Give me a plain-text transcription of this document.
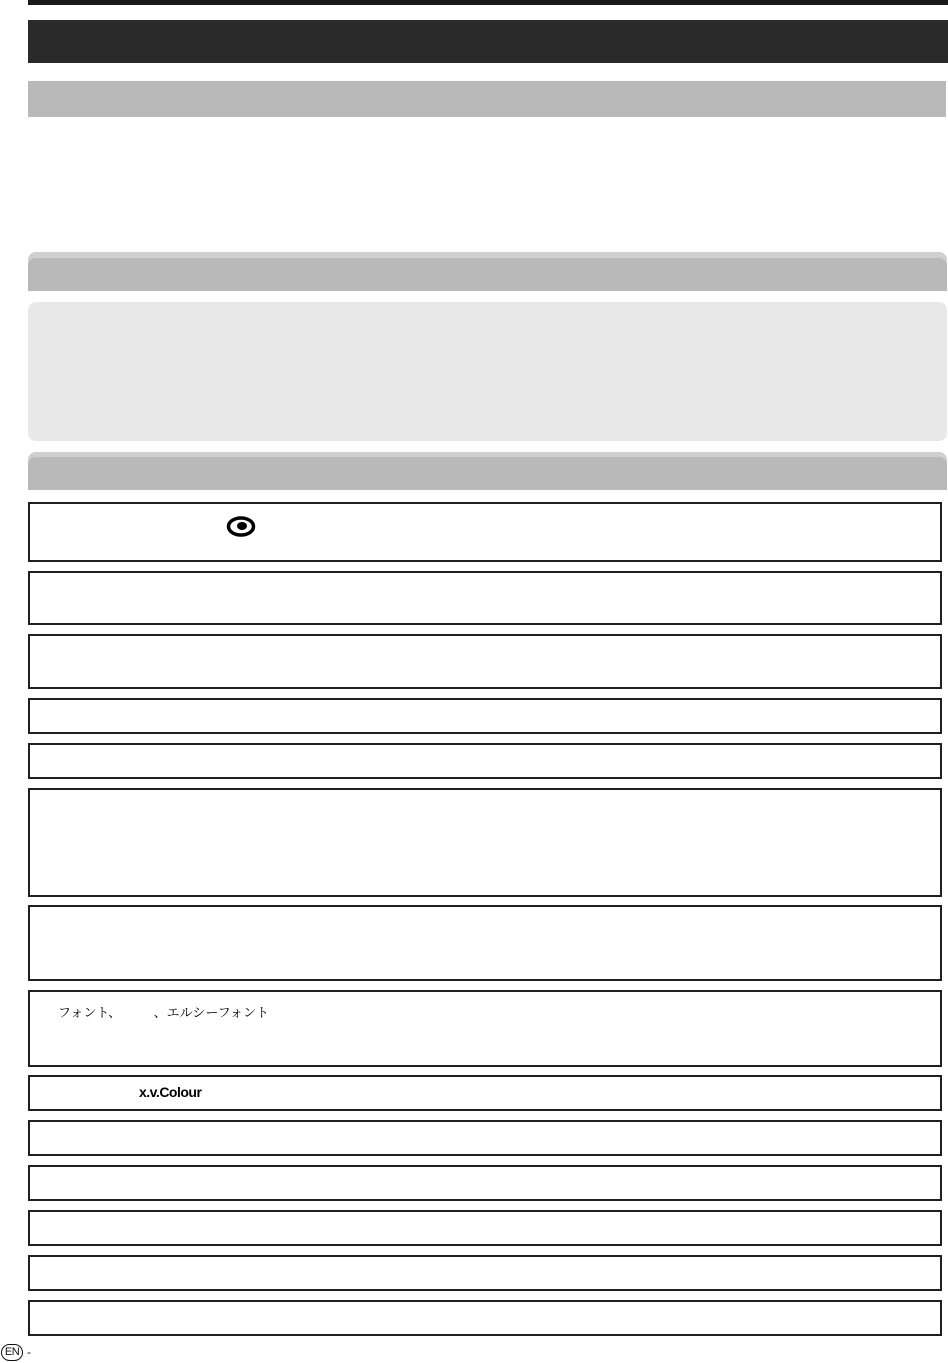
フォント、　　　、エルシーフォント
x.v.Colour
EN -
